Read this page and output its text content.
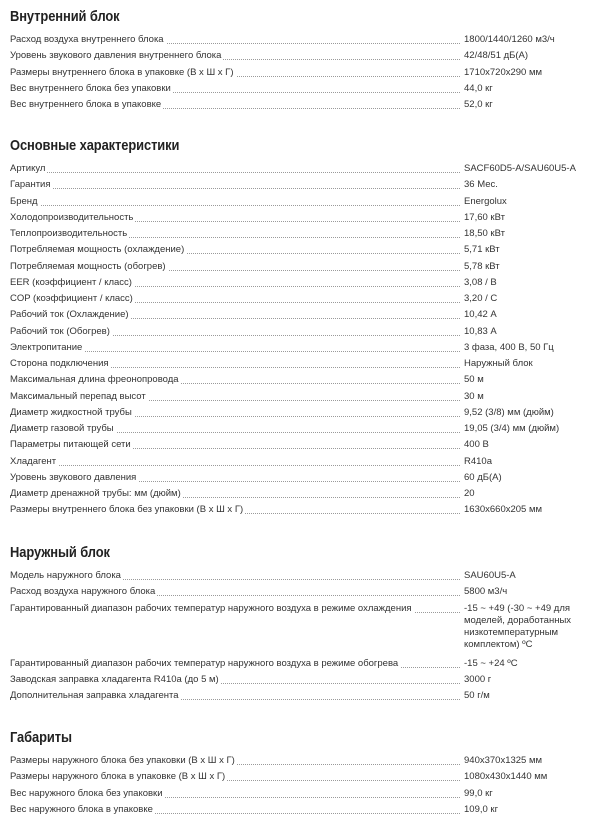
Внутренний блок
Расход воздуха внутреннего блока	1800/1440/1260 м3/ч
Уровень звукового давления внутреннего блока	42/48/51 дБ(А)
Размеры внутреннего блока в упаковке (В x Ш x Г)	1710x720x290 мм
Вес внутреннего блока без упаковки	44,0 кг
Вес внутреннего блока в упаковке	52,0 кг
Основные характеристики
Артикул	SACF60D5-A/SAU60U5-A
Гарантия	36 Мес.
Бренд	Energolux
Холодопроизводительность	17,60 кВт
Теплопроизводительность	18,50 кВт
Потребляемая мощность (охлаждение)	5,71 кВт
Потребляемая мощность (обогрев)	5,78 кВт
EER (коэффициент / класс)	3,08 / B
COP (коэффициент / класс)	3,20 / C
Рабочий ток (Охлаждение)	10,42 А
Рабочий ток (Обогрев)	10,83 А
Электропитание	3 фаза, 400 В, 50 Гц
Сторона подключения	Наружный блок
Максимальная длина фреонопровода	50 м
Максимальный перепад высот	30 м
Диаметр жидкостной трубы	9,52 (3/8) мм (дюйм)
Диаметр газовой трубы	19,05 (3/4) мм (дюйм)
Параметры питающей сети	400 В
Хладагент	R410a
Уровень звукового давления	60 дБ(А)
Диаметр дренажной трубы: мм (дюйм)	20
Размеры внутреннего блока без упаковки (В x Ш x Г)	1630x660x205 мм
Наружный блок
Модель наружного блока	SAU60U5-A
Расход воздуха наружного блока	5800 м3/ч
Гарантированный диапазон рабочих температур наружного воздуха в режиме охлаждения	-15 ~ +49 (-30 ~ +49 для моделей, доработанных низкотемпературным комплектом) ºС
Гарантированный диапазон рабочих температур наружного воздуха в режиме обогрева	-15 ~ +24 ºС
Заводская заправка хладагента R410a (до 5 м)	3000 г
Дополнительная заправка хладагента	50 г/м
Габариты
Размеры наружного блока без упаковки (В x Ш x Г)	940x370x1325 мм
Размеры наружного блока в упаковке (В x Ш x Г)	1080x430x1440 мм
Вес наружного блока без упаковки	99,0 кг
Вес наружного блока в упаковке	109,0 кг
